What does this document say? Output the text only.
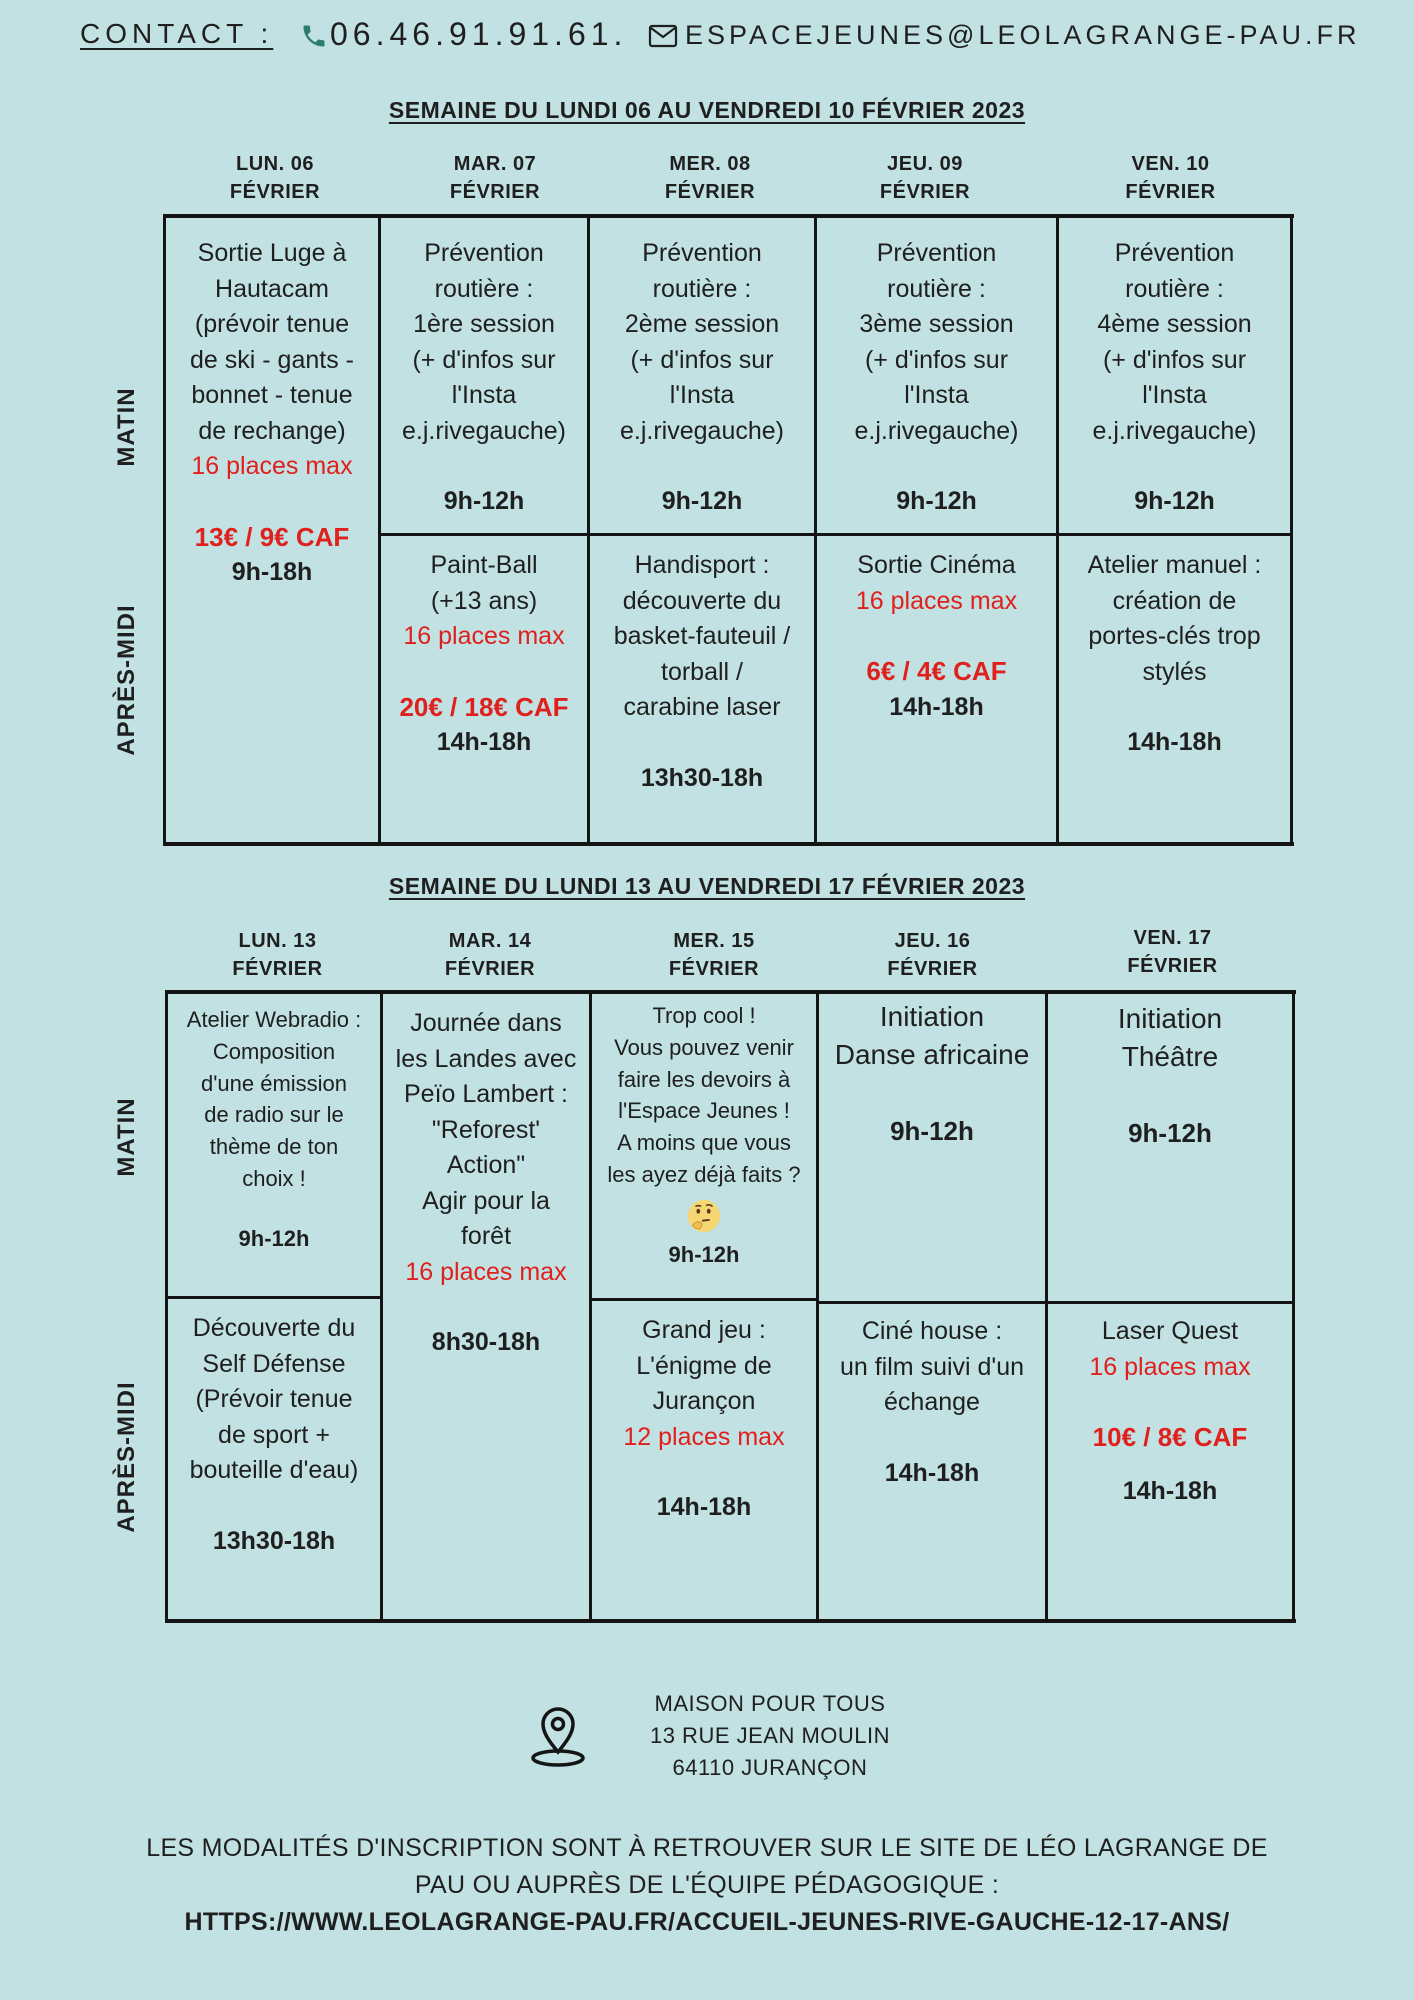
CONTACT : 06.46.91.91.61. ESPACEJEUNES@LEOLAGRANGE-PAU.FR
SEMAINE DU LUNDI 06 AU VENDREDI 10 FÉVRIER 2023
LUN. 06
FÉVRIER
MAR. 07
FÉVRIER
MER. 08
FÉVRIER
JEU. 09
FÉVRIER
VEN. 10
FÉVRIER
MATIN
APRÈS-MIDI
Sortie Luge à
Hautacam
(prévoir tenue
de ski - gants -
bonnet - tenue
de rechange)
16 places max
13€ / 9€ CAF
9h-18h
Prévention
routière :
1ère session
(+ d'infos sur
l'Insta
e.j.rivegauche)
9h-12h
Prévention
routière :
2ème session
(+ d'infos sur
l'Insta
e.j.rivegauche)
9h-12h
Prévention
routière :
3ème session
(+ d'infos sur
l'Insta
e.j.rivegauche)
9h-12h
Prévention
routière :
4ème session
(+ d'infos sur
l'Insta
e.j.rivegauche)
9h-12h
Paint-Ball
(+13 ans)
16 places max
20€ / 18€ CAF
14h-18h
Handisport :
découverte du
basket-fauteuil /
torball /
carabine laser
13h30-18h
Sortie Cinéma
16 places max
6€ / 4€ CAF
14h-18h
Atelier manuel :
création de
portes-clés trop
stylés
14h-18h
SEMAINE DU LUNDI 13 AU VENDREDI 17 FÉVRIER 2023
LUN. 13
FÉVRIER
MAR. 14
FÉVRIER
MER. 15
FÉVRIER
JEU. 16
FÉVRIER
VEN. 17
FÉVRIER
MATIN
APRÈS-MIDI
Atelier Webradio :
Composition
d'une émission
de radio sur le
thème de ton
choix !
9h-12h
Journée dans
les Landes avec
Peïo Lambert :
"Reforest'
Action"
Agir pour la
forêt
16 places max
8h30-18h
Trop cool !
Vous pouvez venir
faire les devoirs à
l'Espace Jeunes !
A moins que vous
les ayez déjà faits ?
9h-12h
Initiation
Danse africaine
9h-12h
Initiation
Théâtre
9h-12h
Découverte du
Self Défense
(Prévoir tenue
de sport +
bouteille d'eau)
13h30-18h
Grand jeu :
L'énigme de
Jurançon
12 places max
14h-18h
Ciné house :
un film suivi d'un
échange
14h-18h
Laser Quest
16 places max
10€ / 8€ CAF
14h-18h
MAISON POUR TOUS
13 RUE JEAN MOULIN
64110 JURANÇON
LES MODALITÉS D'INSCRIPTION SONT À RETROUVER SUR LE SITE DE LÉO LAGRANGE DE
PAU OU AUPRÈS DE L'ÉQUIPE PÉDAGOGIQUE :
HTTPS://WWW.LEOLAGRANGE-PAU.FR/ACCUEIL-JEUNES-RIVE-GAUCHE-12-17-ANS/
